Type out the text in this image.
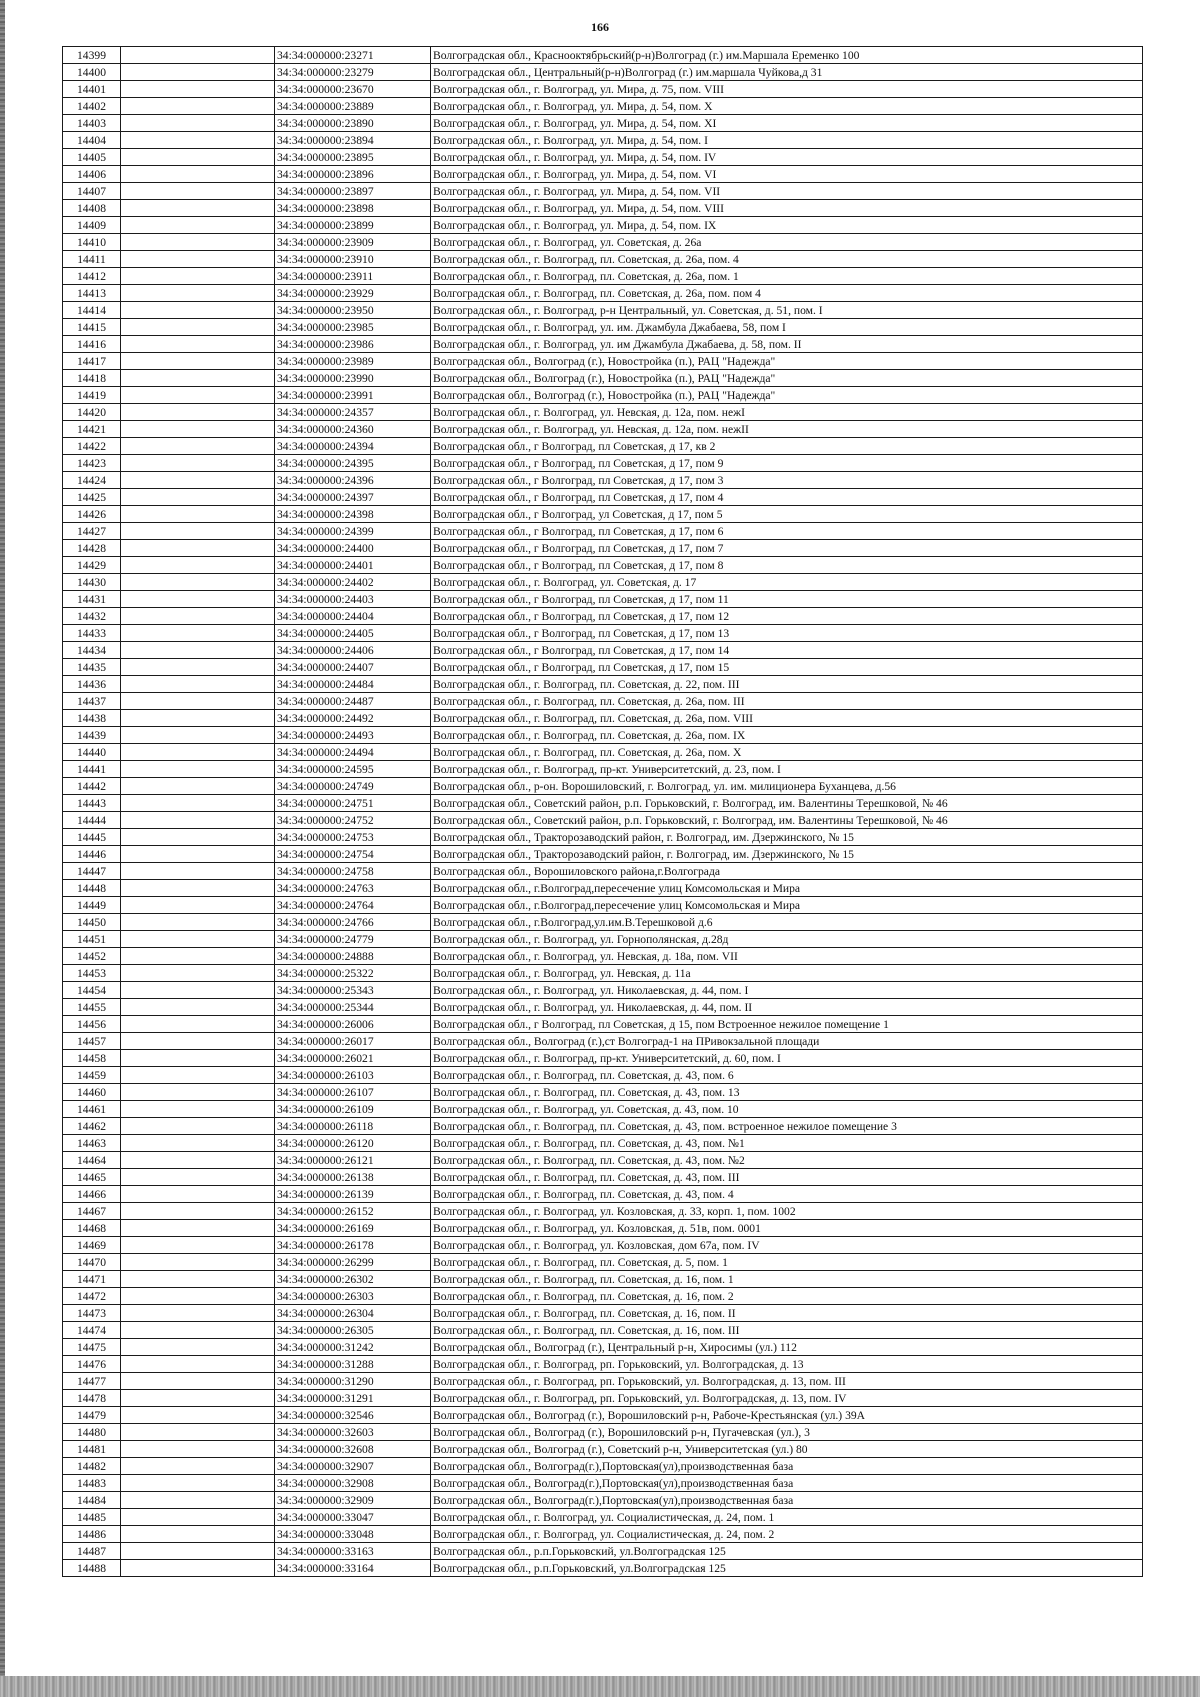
166
14399		34:34:000000:23271	Волгоградская обл., Краснооктябрьский(р-н)Волгоград (г.) им.Маршала Еременко 100
14400		34:34:000000:23279	Волгоградская обл., Центральный(р-н)Волгоград (г.) им.маршала Чуйкова,д 31
14401		34:34:000000:23670	Волгоградская обл., г. Волгоград, ул. Мира, д. 75, пом. VIII
14402		34:34:000000:23889	Волгоградская обл., г. Волгоград, ул. Мира, д. 54, пом. X
14403		34:34:000000:23890	Волгоградская обл., г. Волгоград, ул. Мира, д. 54, пом. XI
14404		34:34:000000:23894	Волгоградская обл., г. Волгоград, ул. Мира, д. 54, пом. I
14405		34:34:000000:23895	Волгоградская обл., г. Волгоград, ул. Мира, д. 54, пом. IV
14406		34:34:000000:23896	Волгоградская обл., г. Волгоград, ул. Мира, д. 54, пом. VI
14407		34:34:000000:23897	Волгоградская обл., г. Волгоград, ул. Мира, д. 54, пом. VII
14408		34:34:000000:23898	Волгоградская обл., г. Волгоград, ул. Мира, д. 54, пом. VIII
14409		34:34:000000:23899	Волгоградская обл., г. Волгоград, ул. Мира, д. 54, пом. IX
14410		34:34:000000:23909	Волгоградская обл., г. Волгоград, ул. Советская, д. 26а
14411		34:34:000000:23910	Волгоградская обл., г. Волгоград, пл. Советская, д. 26а, пом. 4
14412		34:34:000000:23911	Волгоградская обл., г. Волгоград, пл. Советская, д. 26а, пом. 1
14413		34:34:000000:23929	Волгоградская обл., г. Волгоград, пл. Советская, д. 26а, пом. пом 4
14414		34:34:000000:23950	Волгоградская обл., г. Волгоград, р-н Центральный, ул. Советская, д. 51, пом. I
14415		34:34:000000:23985	Волгоградская обл., г. Волгоград, ул. им. Джамбула Джабаева, 58, пом I
14416		34:34:000000:23986	Волгоградская обл., г. Волгоград, ул. им Джамбула Джабаева, д. 58, пом. II
14417		34:34:000000:23989	Волгоградская обл., Волгоград (г.), Новостройка (п.), РАЦ "Надежда"
14418		34:34:000000:23990	Волгоградская обл., Волгоград (г.), Новостройка (п.), РАЦ "Надежда"
14419		34:34:000000:23991	Волгоградская обл., Волгоград (г.), Новостройка (п.), РАЦ "Надежда"
14420		34:34:000000:24357	Волгоградская обл., г. Волгоград, ул. Невская, д. 12а, пом. нежI
14421		34:34:000000:24360	Волгоградская обл., г. Волгоград, ул. Невская, д. 12а, пом. нежII
14422		34:34:000000:24394	Волгоградская обл., г Волгоград, пл Советская, д 17, кв 2
14423		34:34:000000:24395	Волгоградская обл., г Волгоград, пл Советская, д 17, пом 9
14424		34:34:000000:24396	Волгоградская обл., г Волгоград, пл Советская, д 17, пом 3
14425		34:34:000000:24397	Волгоградская обл., г Волгоград, пл Советская, д 17, пом 4
14426		34:34:000000:24398	Волгоградская обл., г Волгоград, ул Советская, д 17, пом 5
14427		34:34:000000:24399	Волгоградская обл., г Волгоград, пл Советская, д 17, пом 6
14428		34:34:000000:24400	Волгоградская обл., г Волгоград, пл Советская, д 17, пом 7
14429		34:34:000000:24401	Волгоградская обл., г Волгоград, пл Советская, д 17, пом 8
14430		34:34:000000:24402	Волгоградская обл., г. Волгоград, ул. Советская, д. 17
14431		34:34:000000:24403	Волгоградская обл., г Волгоград, пл Советская, д 17, пом 11
14432		34:34:000000:24404	Волгоградская обл., г Волгоград, пл Советская, д 17, пом 12
14433		34:34:000000:24405	Волгоградская обл., г Волгоград, пл Советская, д 17, пом 13
14434		34:34:000000:24406	Волгоградская обл., г Волгоград, пл Советская, д 17, пом 14
14435		34:34:000000:24407	Волгоградская обл., г Волгоград, пл Советская, д 17, пом 15
14436		34:34:000000:24484	Волгоградская обл., г. Волгоград, пл. Советская, д. 22, пом. III
14437		34:34:000000:24487	Волгоградская обл., г. Волгоград, пл. Советская, д. 26а, пом. III
14438		34:34:000000:24492	Волгоградская обл., г. Волгоград, пл. Советская, д. 26а, пом. VIII
14439		34:34:000000:24493	Волгоградская обл., г. Волгоград, пл. Советская, д. 26а, пом. IX
14440		34:34:000000:24494	Волгоградская обл., г. Волгоград, пл. Советская, д. 26а, пом. X
14441		34:34:000000:24595	Волгоградская обл., г. Волгоград, пр-кт. Университетский, д. 23, пом. I
14442		34:34:000000:24749	Волгоградская обл., р-он. Ворошиловский, г. Волгоград, ул. им. милиционера Буханцева, д.56
14443		34:34:000000:24751	Волгоградская обл., Советский район, р.п. Горьковский, г. Волгоград, им. Валентины Терешковой, № 46
14444		34:34:000000:24752	Волгоградская обл., Советский район, р.п. Горьковский, г. Волгоград, им. Валентины Терешковой, № 46
14445		34:34:000000:24753	Волгоградская обл., Тракторозаводский район, г. Волгоград, им. Дзержинского, № 15
14446		34:34:000000:24754	Волгоградская обл., Тракторозаводский район, г. Волгоград, им. Дзержинского, № 15
14447		34:34:000000:24758	Волгоградская обл., Ворошиловского района,г.Волгограда
14448		34:34:000000:24763	Волгоградская обл., г.Волгоград,пересечение улиц Комсомольская и Мира
14449		34:34:000000:24764	Волгоградская обл., г.Волгоград,пересечение улиц Комсомольская и Мира
14450		34:34:000000:24766	Волгоградская обл., г.Волгоград,ул.им.В.Терешковой д.6
14451		34:34:000000:24779	Волгоградская обл., г. Волгоград, ул. Горнополянская, д.28д
14452		34:34:000000:24888	Волгоградская обл., г. Волгоград, ул. Невская, д. 18а, пом. VII
14453		34:34:000000:25322	Волгоградская обл., г. Волгоград, ул. Невская, д. 11а
14454		34:34:000000:25343	Волгоградская обл., г. Волгоград, ул. Николаевская, д. 44, пом. I
14455		34:34:000000:25344	Волгоградская обл., г. Волгоград, ул. Николаевская, д. 44, пом. II
14456		34:34:000000:26006	Волгоградская обл., г Волгоград, пл Советская, д 15, пом Встроенное нежилое помещение 1
14457		34:34:000000:26017	Волгоградская обл., Волгоград (г.),ст Волгоград-1 на ПРивокзальной площади
14458		34:34:000000:26021	Волгоградская обл., г. Волгоград, пр-кт. Университетский, д. 60, пом. I
14459		34:34:000000:26103	Волгоградская обл., г. Волгоград, пл. Советская, д. 43, пом. 6
14460		34:34:000000:26107	Волгоградская обл., г. Волгоград, пл. Советская, д. 43, пом. 13
14461		34:34:000000:26109	Волгоградская обл., г. Волгоград, ул. Советская, д. 43, пом. 10
14462		34:34:000000:26118	Волгоградская обл., г. Волгоград, пл. Советская, д. 43, пом. встроенное нежилое помещение 3
14463		34:34:000000:26120	Волгоградская обл., г. Волгоград, пл. Советская, д. 43, пом. №1
14464		34:34:000000:26121	Волгоградская обл., г. Волгоград, пл. Советская, д. 43, пом. №2
14465		34:34:000000:26138	Волгоградская обл., г. Волгоград, пл. Советская, д. 43, пом. III
14466		34:34:000000:26139	Волгоградская обл., г. Волгоград, пл. Советская, д. 43, пом. 4
14467		34:34:000000:26152	Волгоградская обл., г. Волгоград, ул. Козловская, д. 33, корп. 1, пом. 1002
14468		34:34:000000:26169	Волгоградская обл., г. Волгоград, ул. Козловская, д. 51в, пом. 0001
14469		34:34:000000:26178	Волгоградская обл., г. Волгоград, ул. Козловская, дом 67а, пом. IV
14470		34:34:000000:26299	Волгоградская обл., г. Волгоград, пл. Советская, д. 5, пом. 1
14471		34:34:000000:26302	Волгоградская обл., г. Волгоград, пл. Советская, д. 16, пом. 1
14472		34:34:000000:26303	Волгоградская обл., г. Волгоград, пл. Советская, д. 16, пом. 2
14473		34:34:000000:26304	Волгоградская обл., г. Волгоград, пл. Советская, д. 16, пом. II
14474		34:34:000000:26305	Волгоградская обл., г. Волгоград, пл. Советская, д. 16, пом. III
14475		34:34:000000:31242	Волгоградская обл., Волгоград (г.), Центральный р-н, Хиросимы (ул.) 112
14476		34:34:000000:31288	Волгоградская обл., г. Волгоград, рп. Горьковский, ул. Волгоградская, д. 13
14477		34:34:000000:31290	Волгоградская обл., г. Волгоград, рп. Горьковский, ул. Волгоградская, д. 13, пом. III
14478		34:34:000000:31291	Волгоградская обл., г. Волгоград, рп. Горьковский, ул. Волгоградская, д. 13, пом. IV
14479		34:34:000000:32546	Волгоградская обл., Волгоград (г.), Ворошиловский р-н, Рабоче-Крестьянская (ул.) 39А
14480		34:34:000000:32603	Волгоградская обл., Волгоград (г.), Ворошиловский р-н, Пугачевская (ул.), 3
14481		34:34:000000:32608	Волгоградская обл., Волгоград (г.), Советский р-н, Университетская (ул.) 80
14482		34:34:000000:32907	Волгоградская обл., Волгоград(г.),Портовская(ул),производственная база
14483		34:34:000000:32908	Волгоградская обл., Волгоград(г.),Портовская(ул),производственная база
14484		34:34:000000:32909	Волгоградская обл., Волгоград(г.),Портовская(ул),производственная база
14485		34:34:000000:33047	Волгоградская обл., г. Волгоград, ул. Социалистическая, д. 24, пом. 1
14486		34:34:000000:33048	Волгоградская обл., г. Волгоград, ул. Социалистическая, д. 24, пом. 2
14487		34:34:000000:33163	Волгоградская обл., р.п.Горьковский, ул.Волгоградская 125
14488		34:34:000000:33164	Волгоградская обл., р.п.Горьковский, ул.Волгоградская 125
